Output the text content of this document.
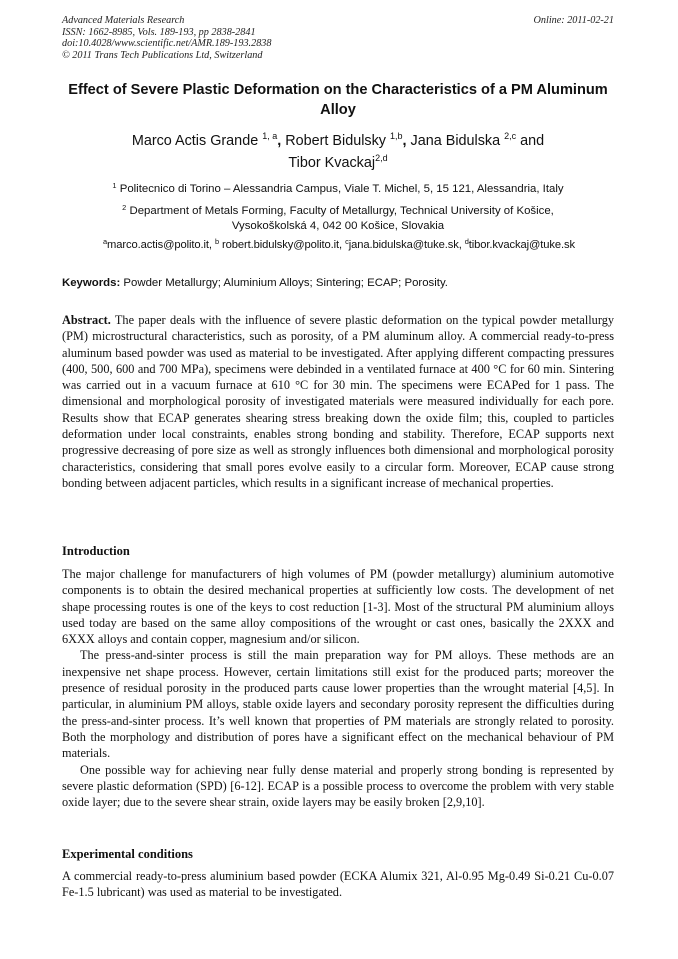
Advanced Materials Research
ISSN: 1662-8985, Vols. 189-193, pp 2838-2841
doi:10.4028/www.scientific.net/AMR.189-193.2838
© 2011 Trans Tech Publications Ltd, Switzerland
Online: 2011-02-21
Effect of Severe Plastic Deformation on the Characteristics of a PM Aluminum Alloy
Marco Actis Grande $^{1, a}$, Robert Bidulsky $^{1,b}$, Jana Bidulska $^{2,c}$ and
Tibor Kvackaj$^{2,d}$
$^1$ Politecnico di Torino – Alessandria Campus, Viale T. Michel, 5, 15 121, Alessandria, Italy
$^2$ Department of Metals Forming, Faculty of Metallurgy, Technical University of Košice,
Vysokoškolská 4, 042 00 Košice, Slovakia
$^a$marco.actis@polito.it, $^b$ robert.bidulsky@polito.it, $^c$jana.bidulska@tuke.sk, $^d$tibor.kvackaj@tuke.sk
Keywords: Powder Metallurgy; Aluminium Alloys; Sintering; ECAP; Porosity.
Abstract. The paper deals with the influence of severe plastic deformation on the typical powder metallurgy (PM) microstructural characteristics, such as porosity, of a PM aluminum alloy. A commercial ready-to-press aluminum based powder was used as material to be investigated. After applying different compacting pressures (400, 500, 600 and 700 MPa), specimens were debinded in a ventilated furnace at 400 °C for 60 min. Sintering was carried out in a vacuum furnace at 610 °C for 30 min. The specimens were ECAPed for 1 pass. The dimensional and morphological porosity of investigated materials were measured individually for each pore. Results show that ECAP generates shearing stress breaking down the oxide film; this, coupled to particles deformation under local constraints, enables strong bonding and stability. Therefore, ECAP supports next progressive decreasing of pore size as well as strongly influences both dimensional and morphological porosity characteristics, considering that small pores evolve easily to a circular form. Moreover, ECAP cause strong bonding between adjacent particles, which results in a significant increase of mechanical properties.
Introduction

The major challenge for manufacturers of high volumes of PM (powder metallurgy) aluminium automotive components is to obtain the desired mechanical properties at sufficiently low costs. The development of net shape processing routes is one of the keys to cost reduction [1-3]. Most of the structural PM aluminium alloys used today are based on the same alloy compositions of the wrought or cast ones, basically the 2XXX and 6XXX alloys and contain copper, magnesium and/or silicon.

The press-and-sinter process is still the main preparation way for PM alloys. These methods are an inexpensive net shape process. However, certain limitations still exist for the produced parts; moreover the presence of residual porosity in the produced parts cause lower properties than the wrought material [4,5]. In particular, in aluminium PM alloys, stable oxide layers and secondary porosity represent the difficulties during the press-and-sinter process. It’s well known that properties of PM materials are strongly related to porosity. Both the morphology and distribution of pores have a significant effect on the mechanical behaviour of PM materials.

One possible way for achieving near fully dense material and properly strong bonding is represented by severe plastic deformation (SPD) [6-12]. ECAP is a possible process to overcome the problem with very stable oxide layer; due to the severe shear strain, oxide layers may be easily broken [2,9,10].

Experimental conditions

A commercial ready-to-press aluminium based powder (ECKA Alumix 321, Al-0.95 Mg-0.49 Si-0.21 Cu-0.07 Fe-1.5 lubricant) was used as material to be investigated.
